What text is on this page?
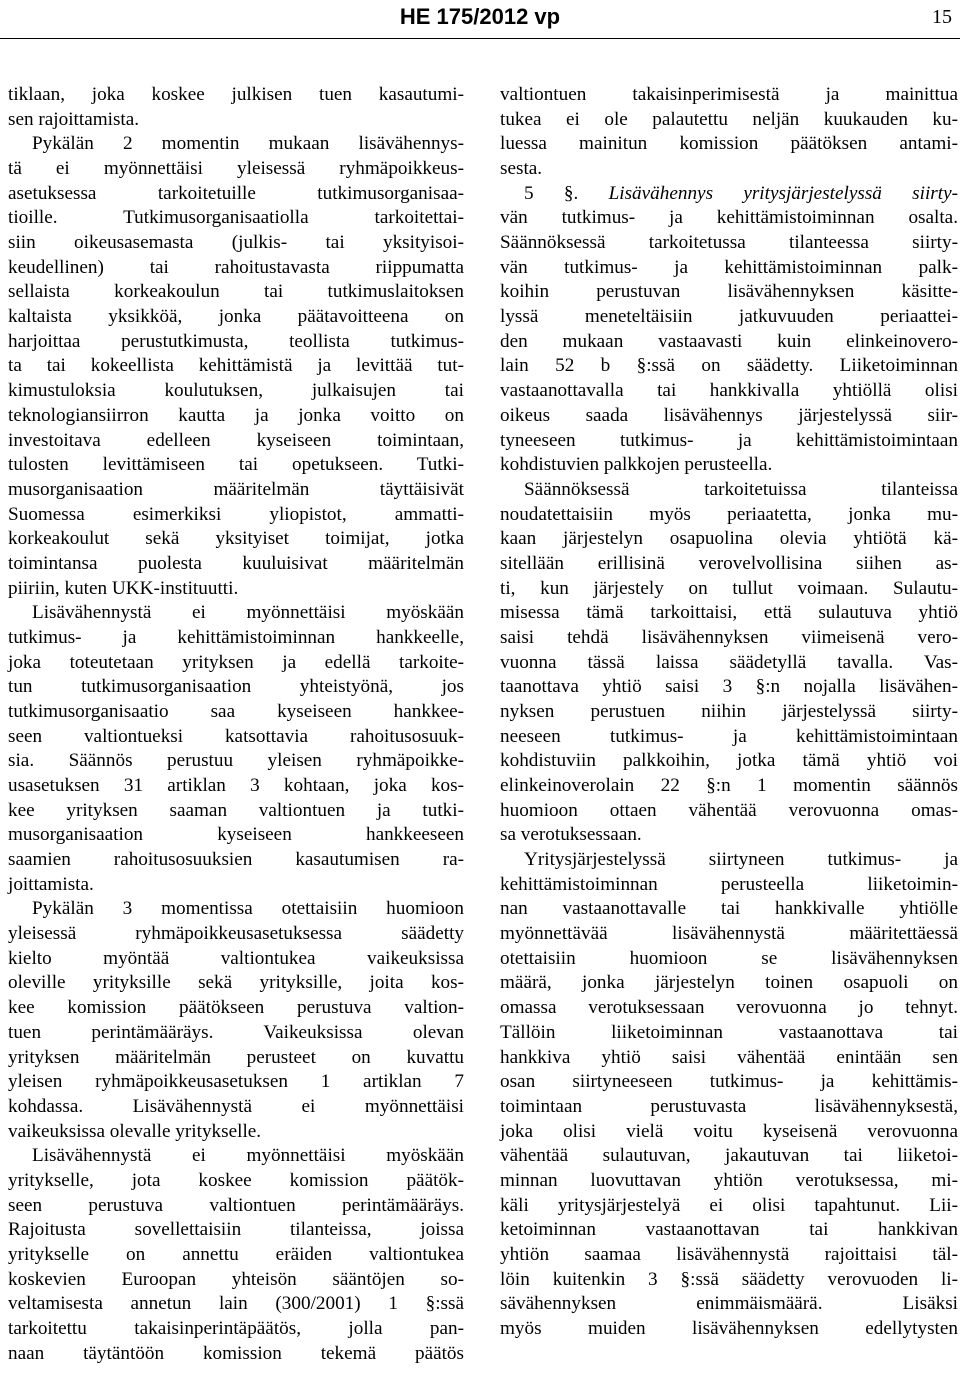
HE 175/2012 vp	15
tiklaan, joka koskee julkisen tuen kasautumi-
sen rajoittamista.
Pykälän 2 momentin mukaan lisävähennys-
tä ei myönnettäisi yleisessä ryhmäpoikkeus-
asetuksessa tarkoitetuille tutkimusorganisaa-
tioille. Tutkimusorganisaatiolla tarkoitettai-
siin oikeusasemasta (julkis- tai yksityisoi-
keudellinen) tai rahoitustavasta riippumatta
sellaista korkeakoulun tai tutkimuslaitoksen
kaltaista yksikköä, jonka päätavoitteena on
harjoittaa perustutkimusta, teollista tutkimus-
ta tai kokeellista kehittämistä ja levittää tut-
kimustuloksia koulutuksen, julkaisujen tai
teknologiansiirron kautta ja jonka voitto on
investoitava edelleen kyseiseen toimintaan,
tulosten levittämiseen tai opetukseen. Tutki-
musorganisaation määritelmän täyttäisivät
Suomessa esimerkiksi yliopistot, ammatti-
korkeakoulut sekä yksityiset toimijat, jotka
toimintansa puolesta kuuluisivat määritelmän
piiriin, kuten UKK-instituutti.
Lisävähennystä ei myönnettäisi myöskään
tutkimus- ja kehittämistoiminnan hankkeelle,
joka toteutetaan yrityksen ja edellä tarkoite-
tun tutkimusorganisaation yhteistyönä, jos
tutkimusorganisaatio saa kyseiseen hankkee-
seen valtiontueksi katsottavia rahoitusosuuk-
sia. Säännös perustuu yleisen ryhmäpoikke-
usasetuksen 31 artiklan 3 kohtaan, joka kos-
kee yrityksen saaman valtiontuen ja tutki-
musorganisaation kyseiseen hankkeeseen
saamien rahoitusosuuksien kasautumisen ra-
joittamista.
Pykälän 3 momentissa otettaisiin huomioon
yleisessä ryhmäpoikkeusasetuksessa säädetty
kielto myöntää valtiontukea vaikeuksissa
oleville yrityksille sekä yrityksille, joita kos-
kee komission päätökseen perustuva valtion-
tuen perintämääräys. Vaikeuksissa olevan
yrityksen määritelmän perusteet on kuvattu
yleisen ryhmäpoikkeusasetuksen 1 artiklan 7
kohdassa. Lisävähennystä ei myönnettäisi
vaikeuksissa olevalle yritykselle.
Lisävähennystä ei myönnettäisi myöskään
yritykselle, jota koskee komission päätök-
seen perustuva valtiontuen perintämääräys.
Rajoitusta sovellettaisiin tilanteissa, joissa
yritykselle on annettu eräiden valtiontukea
koskevien Euroopan yhteisön sääntöjen so-
veltamisesta annetun lain (300/2001) 1 §:ssä
tarkoitettu takaisinperintäpäätös, jolla pan-
naan täytäntöön komission tekemä päätös
valtiontuen takaisinperimisestä ja mainittua
tukea ei ole palautettu neljän kuukauden ku-
luessa mainitun komission päätöksen antami-
sesta.
5 §. Lisävähennys yritysjärjestelyssä siirty-
vän tutkimus- ja kehittämistoiminnan osalta.
Säännöksessä tarkoitetussa tilanteessa siirty-
vän tutkimus- ja kehittämistoiminnan palk-
koihin perustuvan lisävähennyksen käsitte-
lyssä meneteltäisiin jatkuvuuden periaattei-
den mukaan vastaavasti kuin elinkeinovero-
lain 52 b §:ssä on säädetty. Liiketoiminnan
vastaanottavalla tai hankkivalla yhtiöllä olisi
oikeus saada lisävähennys järjestelyssä siir-
tyneeseen tutkimus- ja kehittämistoimintaan
kohdistuvien palkkojen perusteella.
Säännöksessä tarkoitetuissa tilanteissa
noudatettaisiin myös periaatetta, jonka mu-
kaan järjestelyn osapuolina olevia yhtiötä kä-
sitellään erillisinä verovelvollisina siihen as-
ti, kun järjestely on tullut voimaan. Sulautu-
misessa tämä tarkoittaisi, että sulautuva yhtiö
saisi tehdä lisävähennyksen viimeisenä vero-
vuonna tässä laissa säädetyllä tavalla. Vas-
taanottava yhtiö saisi 3 §:n nojalla lisävähen-
nyksen perustuen niihin järjestelyssä siirty-
neeseen tutkimus- ja kehittämistoimintaan
kohdistuviin palkkoihin, jotka tämä yhtiö voi
elinkeinoverolain 22 §:n 1 momentin säännös
huomioon ottaen vähentää verovuonna omas-
sa verotuksessaan.
Yritysjärjestelyssä siirtyneen tutkimus- ja
kehittämistoiminnan perusteella liiketoimin-
nan vastaanottavalle tai hankkivalle yhtiölle
myönnettävää lisävähennystä määritettäessä
otettaisiin huomioon se lisävähennyksen
määrä, jonka järjestelyn toinen osapuoli on
omassa verotuksessaan verovuonna jo tehnyt.
Tällöin liiketoiminnan vastaanottava tai
hankkiva yhtiö saisi vähentää enintään sen
osan siirtyneeseen tutkimus- ja kehittämis-
toimintaan perustuvasta lisävähennyksestä,
joka olisi vielä voitu kyseisenä verovuonna
vähentää sulautuvan, jakautuvan tai liiketoi-
minnan luovuttavan yhtiön verotuksessa, mi-
käli yritysjärjestelyä ei olisi tapahtunut. Lii-
ketoiminnan vastaanottavan tai hankkivan
yhtiön saamaa lisävähennystä rajoittaisi täl-
löin kuitenkin 3 §:ssä säädetty verovuoden li-
sävähennyksen enimmäismäärä. Lisäksi
myös muiden lisävähennyksen edellytysten
